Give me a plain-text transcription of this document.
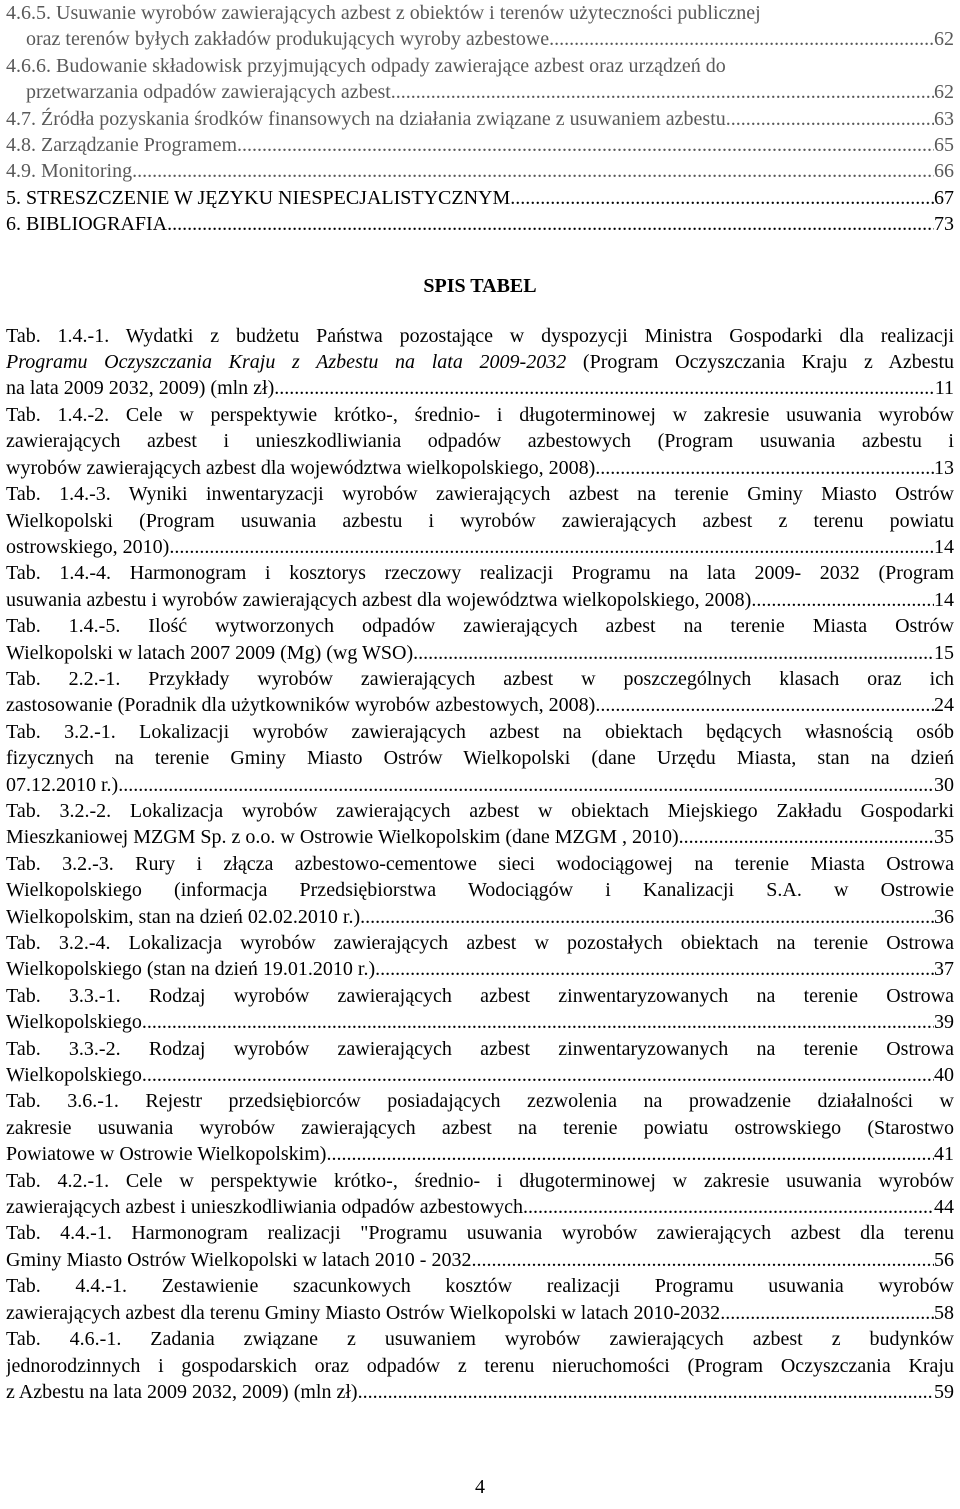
4.6.5. Usuwanie wyrobów zawierających azbest z obiektów i terenów użyteczności publicznej
oraz terenów byłych zakładów produkujących wyroby azbestowe .....	62
4.6.6. Budowanie składowisk przyjmujących odpady zawierające azbest oraz urządzeń do
przetwarzania odpadów zawierających azbest .....	62
4.7. Źródła pozyskania środków finansowych na działania związane z usuwaniem azbestu .....	63
4.8. Zarządzanie Programem .....	65
4.9. Monitoring .....	66
5. STRESZCZENIE W JĘZYKU NIESPECJALISTYCZNYM .....	67
6. BIBLIOGRAFIA .....	73
SPIS TABEL
Tab. 1.4.-1. Wydatki z budżetu Państwa pozostające w dyspozycji Ministra Gospodarki dla realizacji
Programu Oczyszczania Kraju z Azbestu na lata 2009-2032 (Program Oczyszczania Kraju z Azbestu
na lata 2009 2032, 2009) (mln zł) .....	11
Tab. 1.4.-2. Cele w perspektywie krótko-, średnio- i długoterminowej w zakresie usuwania wyrobów
zawierających azbest i unieszkodliwiania odpadów azbestowych (Program usuwania azbestu i
wyrobów zawierających azbest dla województwa wielkopolskiego, 2008) .....	13
Tab. 1.4.-3. Wyniki inwentaryzacji wyrobów zawierających azbest na terenie Gminy Miasto Ostrów
Wielkopolski (Program usuwania azbestu i wyrobów zawierających azbest z terenu powiatu
ostrowskiego, 2010) .....	14
Tab. 1.4.-4. Harmonogram i kosztorys rzeczowy realizacji Programu na lata 2009- 2032 (Program
usuwania azbestu i wyrobów zawierających azbest dla województwa wielkopolskiego, 2008) .....	14
Tab. 1.4.-5. Ilość wytworzonych odpadów zawierających azbest na terenie Miasta Ostrów
Wielkopolski w latach 2007 2009 (Mg) (wg WSO) .....	15
Tab. 2.2.-1. Przykłady wyrobów zawierających azbest w poszczególnych klasach oraz ich
zastosowanie (Poradnik dla użytkowników wyrobów azbestowych, 2008) .....	24
Tab. 3.2.-1. Lokalizacji wyrobów zawierających azbest na obiektach będących własnością osób
fizycznych na terenie Gminy Miasto Ostrów Wielkopolski (dane Urzędu Miasta, stan na dzień
07.12.2010 r.) .....	30
Tab. 3.2.-2. Lokalizacja wyrobów zawierających azbest w obiektach Miejskiego Zakładu Gospodarki
Mieszkaniowej MZGM Sp. z o.o. w Ostrowie Wielkopolskim (dane MZGM , 2010) .....	35
Tab. 3.2.-3. Rury i złącza azbestowo-cementowe sieci wodociągowej na terenie Miasta Ostrowa
Wielkopolskiego (informacja Przedsiębiorstwa Wodociągów i Kanalizacji S.A. w Ostrowie
Wielkopolskim, stan na dzień 02.02.2010 r.) .....	36
Tab. 3.2.-4. Lokalizacja wyrobów zawierających azbest w pozostałych obiektach na terenie Ostrowa
Wielkopolskiego (stan na dzień 19.01.2010 r.) .....	37
Tab. 3.3.-1. Rodzaj wyrobów zawierających azbest zinwentaryzowanych na terenie Ostrowa
Wielkopolskiego .....	39
Tab. 3.3.-2. Rodzaj wyrobów zawierających azbest zinwentaryzowanych na terenie Ostrowa
Wielkopolskiego .....	40
Tab. 3.6.-1. Rejestr przedsiębiorców posiadających zezwolenia na prowadzenie działalności w
zakresie usuwania wyrobów zawierających azbest na terenie powiatu ostrowskiego (Starostwo
Powiatowe w Ostrowie Wielkopolskim) .....	41
Tab. 4.2.-1. Cele w perspektywie krótko-, średnio- i długoterminowej w zakresie usuwania wyrobów
zawierających azbest i unieszkodliwiania odpadów azbestowych .....	44
Tab. 4.4.-1. Harmonogram realizacji "Programu usuwania wyrobów zawierających azbest dla terenu
Gminy Miasto Ostrów Wielkopolski w latach 2010 - 2032 .....	56
Tab. 4.4.-1. Zestawienie szacunkowych kosztów realizacji Programu usuwania wyrobów
zawierających azbest dla terenu Gminy Miasto Ostrów Wielkopolski w latach 2010-2032 .....	58
Tab. 4.6.-1. Zadania związane z usuwaniem wyrobów zawierających azbest z budynków
jednorodzinnych i gospodarskich oraz odpadów z terenu nieruchomości (Program Oczyszczania Kraju
z Azbestu na lata 2009 2032, 2009) (mln zł) .....	59
4
